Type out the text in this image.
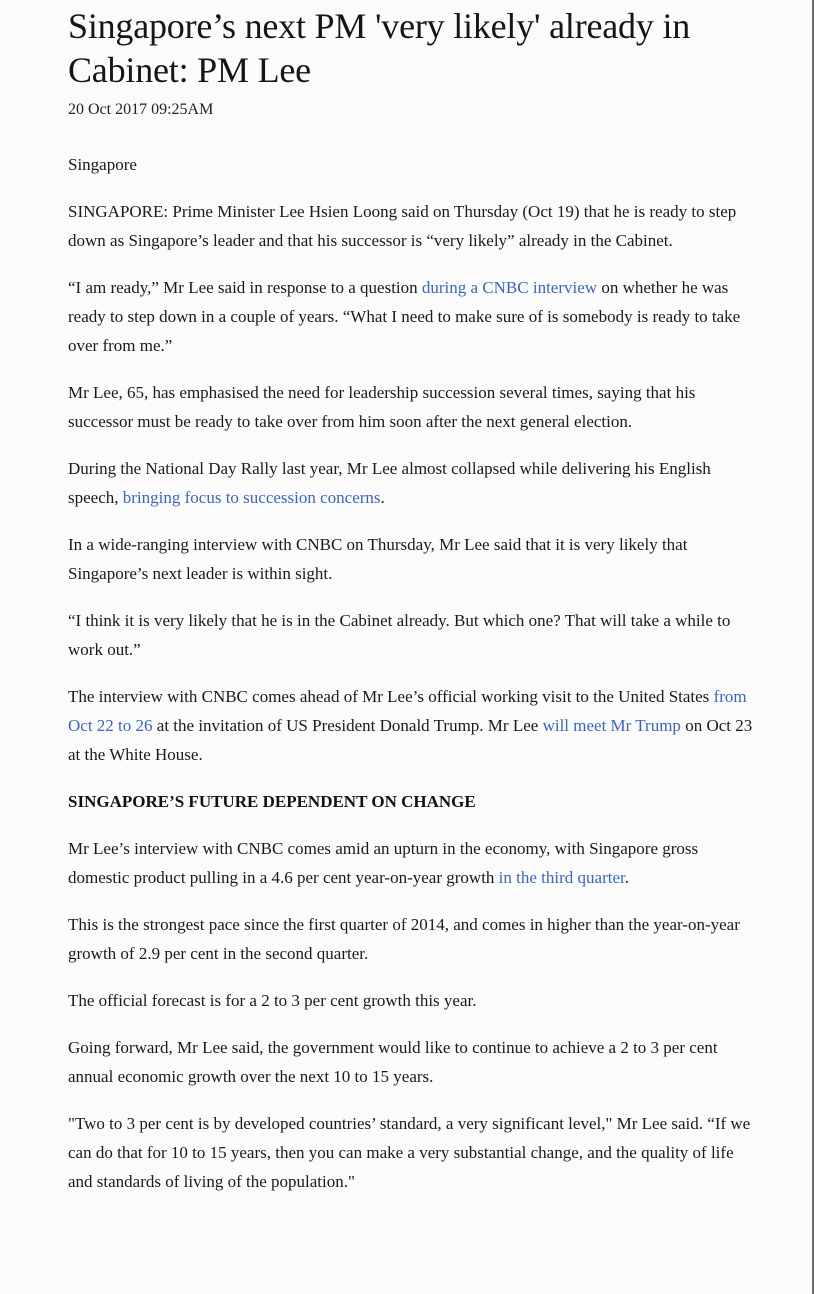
Singapore’s next PM 'very likely' already in Cabinet: PM Lee
20 Oct 2017 09:25AM
Singapore

SINGAPORE: Prime Minister Lee Hsien Loong said on Thursday (Oct 19) that he is ready to step down as Singapore’s leader and that his successor is “very likely” already in the Cabinet.

“I am ready,” Mr Lee said in response to a question during a CNBC interview on whether he was ready to step down in a couple of years. “What I need to make sure of is somebody is ready to take over from me.”

Mr Lee, 65, has emphasised the need for leadership succession several times, saying that his successor must be ready to take over from him soon after the next general election.

During the National Day Rally last year, Mr Lee almost collapsed while delivering his English speech, bringing focus to succession concerns.

In a wide-ranging interview with CNBC on Thursday, Mr Lee said that it is very likely that Singapore’s next leader is within sight.

“I think it is very likely that he is in the Cabinet already. But which one? That will take a while to work out.”

The interview with CNBC comes ahead of Mr Lee’s official working visit to the United States from Oct 22 to 26 at the invitation of US President Donald Trump. Mr Lee will meet Mr Trump on Oct 23 at the White House.

SINGAPORE’S FUTURE DEPENDENT ON CHANGE

Mr Lee’s interview with CNBC comes amid an upturn in the economy, with Singapore gross domestic product pulling in a 4.6 per cent year-on-year growth in the third quarter.

This is the strongest pace since the first quarter of 2014, and comes in higher than the year-on-year growth of 2.9 per cent in the second quarter.

The official forecast is for a 2 to 3 per cent growth this year.

Going forward, Mr Lee said, the government would like to continue to achieve a 2 to 3 per cent annual economic growth over the next 10 to 15 years.

"Two to 3 per cent is by developed countries’ standard, a very significant level," Mr Lee said. “If we can do that for 10 to 15 years, then you can make a very substantial change, and the quality of life and standards of living of the population."
